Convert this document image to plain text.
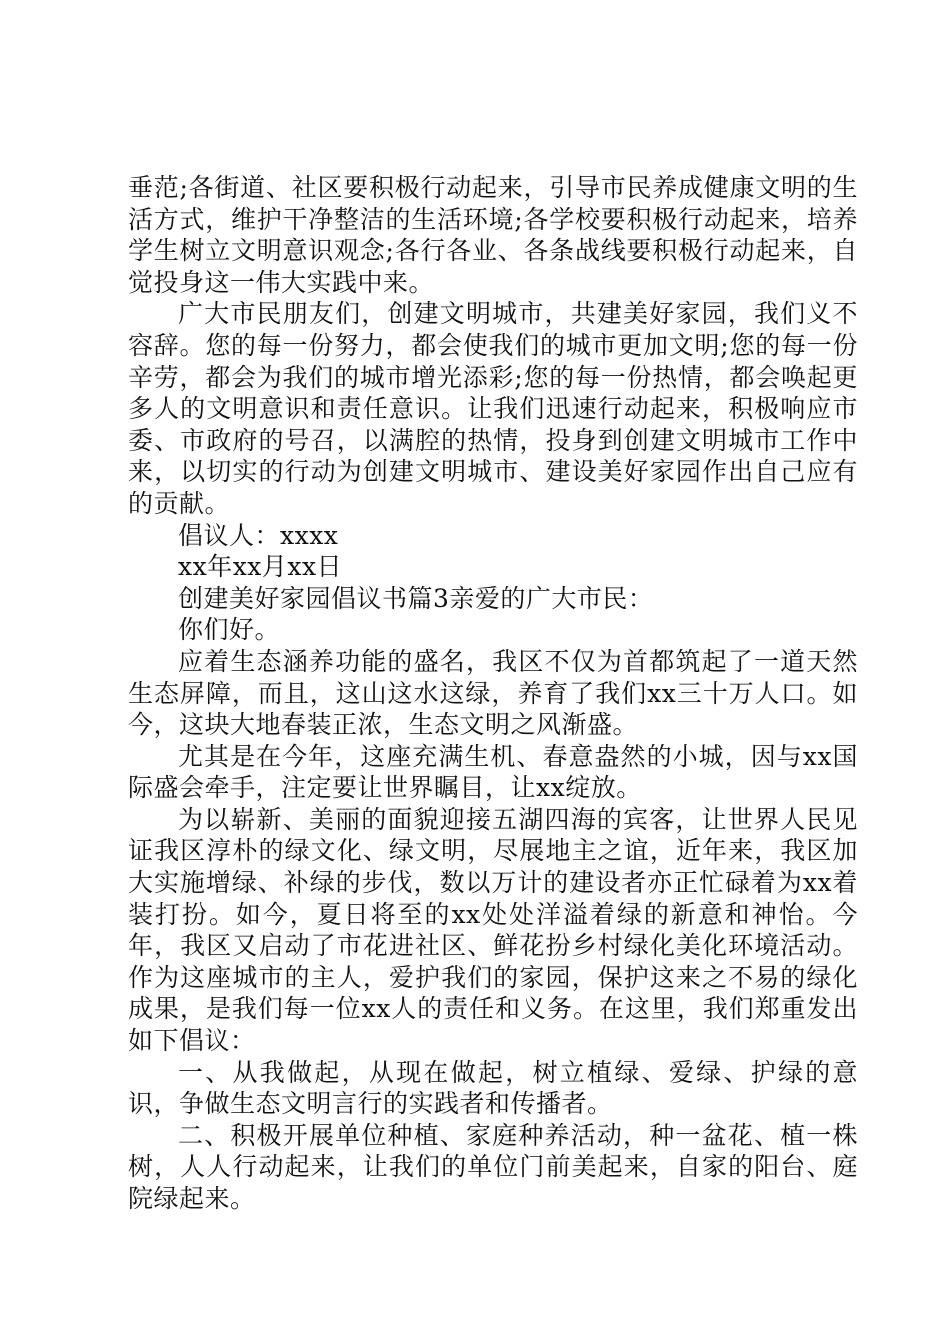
垂范;各街道、社区要积极行动起来，引导市民养成健康文明的生活方式，维护干净整洁的生活环境;各学校要积极行动起来，培养学生树立文明意识观念;各行各业、各条战线要积极行动起来，自觉投身这一伟大实践中来。

广大市民朋友们，创建文明城市，共建美好家园，我们义不容辞。您的每一份努力，都会使我们的城市更加文明;您的每一份辛劳，都会为我们的城市增光添彩;您的每一份热情，都会唤起更多人的文明意识和责任意识。让我们迅速行动起来，积极响应市委、市政府的号召，以满腔的热情，投身到创建文明城市工作中来，以切实的行动为创建文明城市、建设美好家园作出自己应有的贡献。

倡议人：xxxx

xx年xx月xx日

创建美好家园倡议书篇3亲爱的广大市民：

你们好。

应着生态涵养功能的盛名，我区不仅为首都筑起了一道天然生态屏障，而且，这山这水这绿，养育了我们xx三十万人口。如今，这块大地春装正浓，生态文明之风渐盛。

尤其是在今年，这座充满生机、春意盎然的小城，因与xx国际盛会牵手，注定要让世界瞩目，让xx绽放。

为以崭新、美丽的面貌迎接五湖四海的宾客，让世界人民见证我区淳朴的绿文化、绿文明，尽展地主之谊，近年来，我区加大实施增绿、补绿的步伐，数以万计的建设者亦正忙碌着为xx着装打扮。如今，夏日将至的xx处处洋溢着绿的新意和神怡。今年，我区又启动了市花进社区、鲜花扮乡村绿化美化环境活动。作为这座城市的主人，爱护我们的家园，保护这来之不易的绿化成果，是我们每一位xx人的责任和义务。在这里，我们郑重发出如下倡议：

一、从我做起，从现在做起，树立植绿、爱绿、护绿的意识，争做生态文明言行的实践者和传播者。

二、积极开展单位种植、家庭种养活动，种一盆花、植一株树，人人行动起来，让我们的单位门前美起来，自家的阳台、庭院绿起来。
